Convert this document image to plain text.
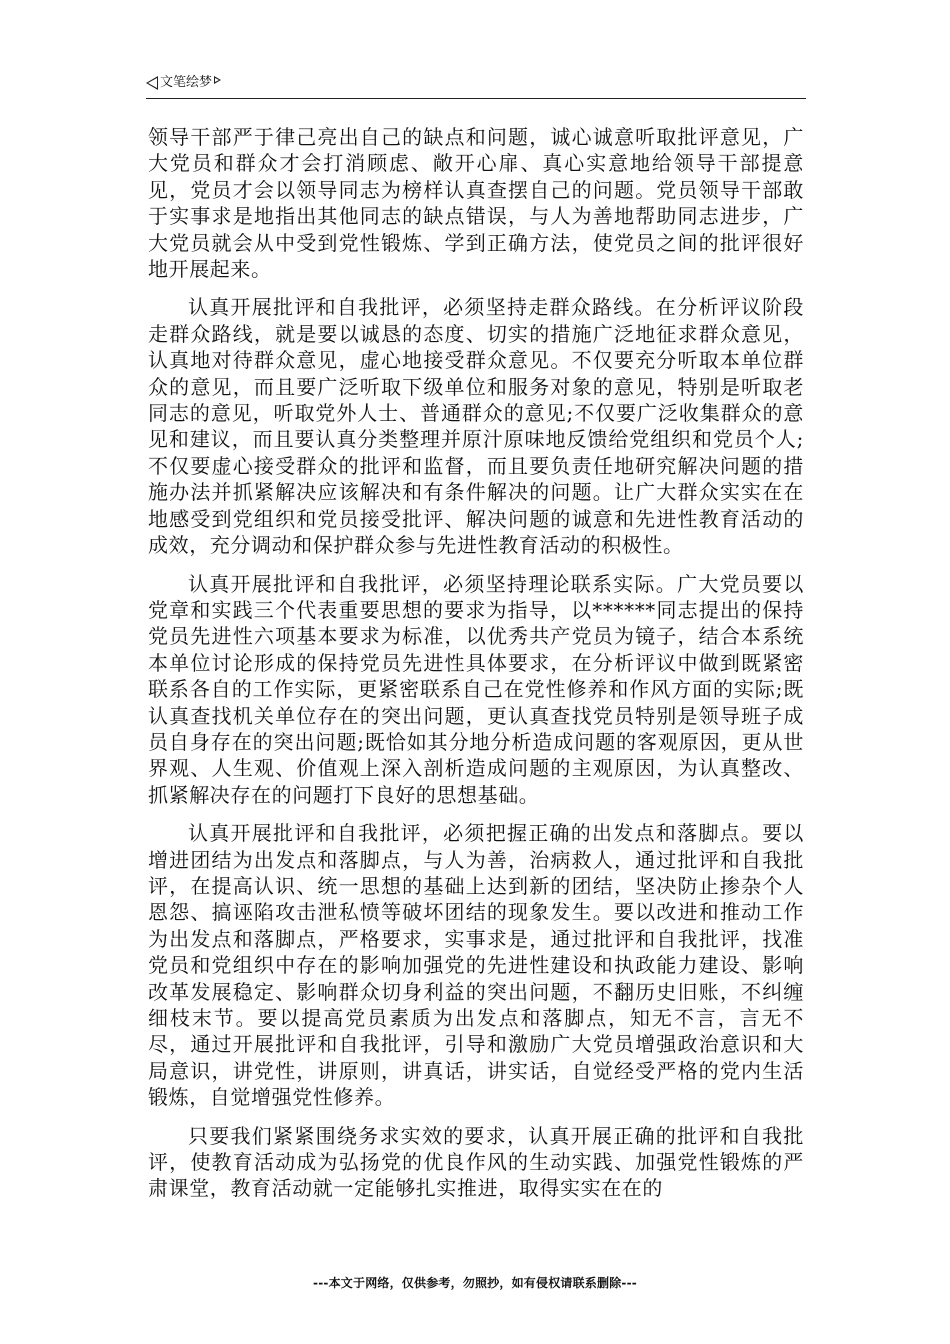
文笔绘梦

领导干部严于律己亮出自己的缺点和问题，诚心诚意听取批评意见，广大党员和群众才会打消顾虑、敞开心扉、真心实意地给领导干部提意见，党员才会以领导同志为榜样认真查摆自己的问题。党员领导干部敢于实事求是地指出其他同志的缺点错误，与人为善地帮助同志进步，广大党员就会从中受到党性锻炼、学到正确方法，使党员之间的批评很好地开展起来。

认真开展批评和自我批评，必须坚持走群众路线。在分析评议阶段走群众路线，就是要以诚恳的态度、切实的措施广泛地征求群众意见，认真地对待群众意见，虚心地接受群众意见。不仅要充分听取本单位群众的意见，而且要广泛听取下级单位和服务对象的意见，特别是听取老同志的意见，听取党外人士、普通群众的意见;不仅要广泛收集群众的意见和建议，而且要认真分类整理并原汁原味地反馈给党组织和党员个人;不仅要虚心接受群众的批评和监督，而且要负责任地研究解决问题的措施办法并抓紧解决应该解决和有条件解决的问题。让广大群众实实在在地感受到党组织和党员接受批评、解决问题的诚意和先进性教育活动的成效，充分调动和保护群众参与先进性教育活动的积极性。

认真开展批评和自我批评，必须坚持理论联系实际。广大党员要以党章和实践三个代表重要思想的要求为指导，以******同志提出的保持党员先进性六项基本要求为标准，以优秀共产党员为镜子，结合本系统本单位讨论形成的保持党员先进性具体要求，在分析评议中做到既紧密联系各自的工作实际，更紧密联系自己在党性修养和作风方面的实际;既认真查找机关单位存在的突出问题，更认真查找党员特别是领导班子成员自身存在的突出问题;既恰如其分地分析造成问题的客观原因，更从世界观、人生观、价值观上深入剖析造成问题的主观原因，为认真整改、抓紧解决存在的问题打下良好的思想基础。

认真开展批评和自我批评，必须把握正确的出发点和落脚点。要以增进团结为出发点和落脚点，与人为善，治病救人，通过批评和自我批评，在提高认识、统一思想的基础上达到新的团结，坚决防止掺杂个人恩怨、搞诬陷攻击泄私愤等破坏团结的现象发生。要以改进和推动工作为出发点和落脚点，严格要求，实事求是，通过批评和自我批评，找准党员和党组织中存在的影响加强党的先进性建设和执政能力建设、影响改革发展稳定、影响群众切身利益的突出问题，不翻历史旧账，不纠缠细枝末节。要以提高党员素质为出发点和落脚点，知无不言，言无不尽，通过开展批评和自我批评，引导和激励广大党员增强政治意识和大局意识，讲党性，讲原则，讲真话，讲实话，自觉经受严格的党内生活锻炼，自觉增强党性修养。

只要我们紧紧围绕务求实效的要求，认真开展正确的批评和自我批评，使教育活动成为弘扬党的优良作风的生动实践、加强党性锻炼的严肃课堂，教育活动就一定能够扎实推进，取得实实在在的

---本文于网络，仅供参考，勿照抄，如有侵权请联系删除---
